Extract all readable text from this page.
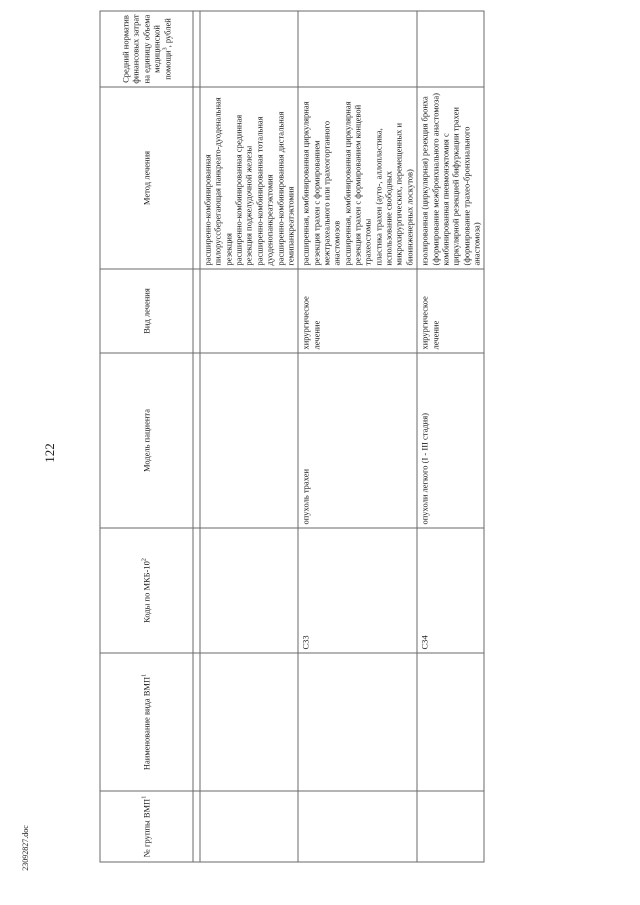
122
23092827.doc	№ группы ВМП$^1$	Наименование вида ВМП$^1$	Коды по МКБ-10$^2$	Модель пациента	Вид лечения	Метод лечения	Средний норматив финансовых затрат на единицу объема медицинской помощи$^3$, рублей

					расширенно-комбинированная пилоруссберегающая панкреато-дуоденальная резекция расширенно-комбинированная срединная резекция поджелудочной железы расширенно-комбинированная тотальная дуоденопанкреатэктомия расширенно-комбинированная дистальная гемипанкреатэктомия	

		C33	опухоль трахеи	хирургическое лечение	расширенная, комбинированная циркулярная резекция трахеи с формированием межтрахеального или трахеогортанного анастомозов расширенная, комбинированная циркулярная резекция трахеи с формированием концевой трахеостомы пластика трахеи (ауто-, аллопластика, использование свободных микрохирургических, перемещенных и биоинженерных лоскутов)	

		C34	опухоли легкого (I - III стадия)	хирургическое лечение	изолированная (циркулярная) резекция бронха (формирование межбронхиального анастомоза) комбинированная пневмонэктомия с циркулярной резекцией бифуркации трахеи (формирование трахео-бронхиального анастомоза)	
